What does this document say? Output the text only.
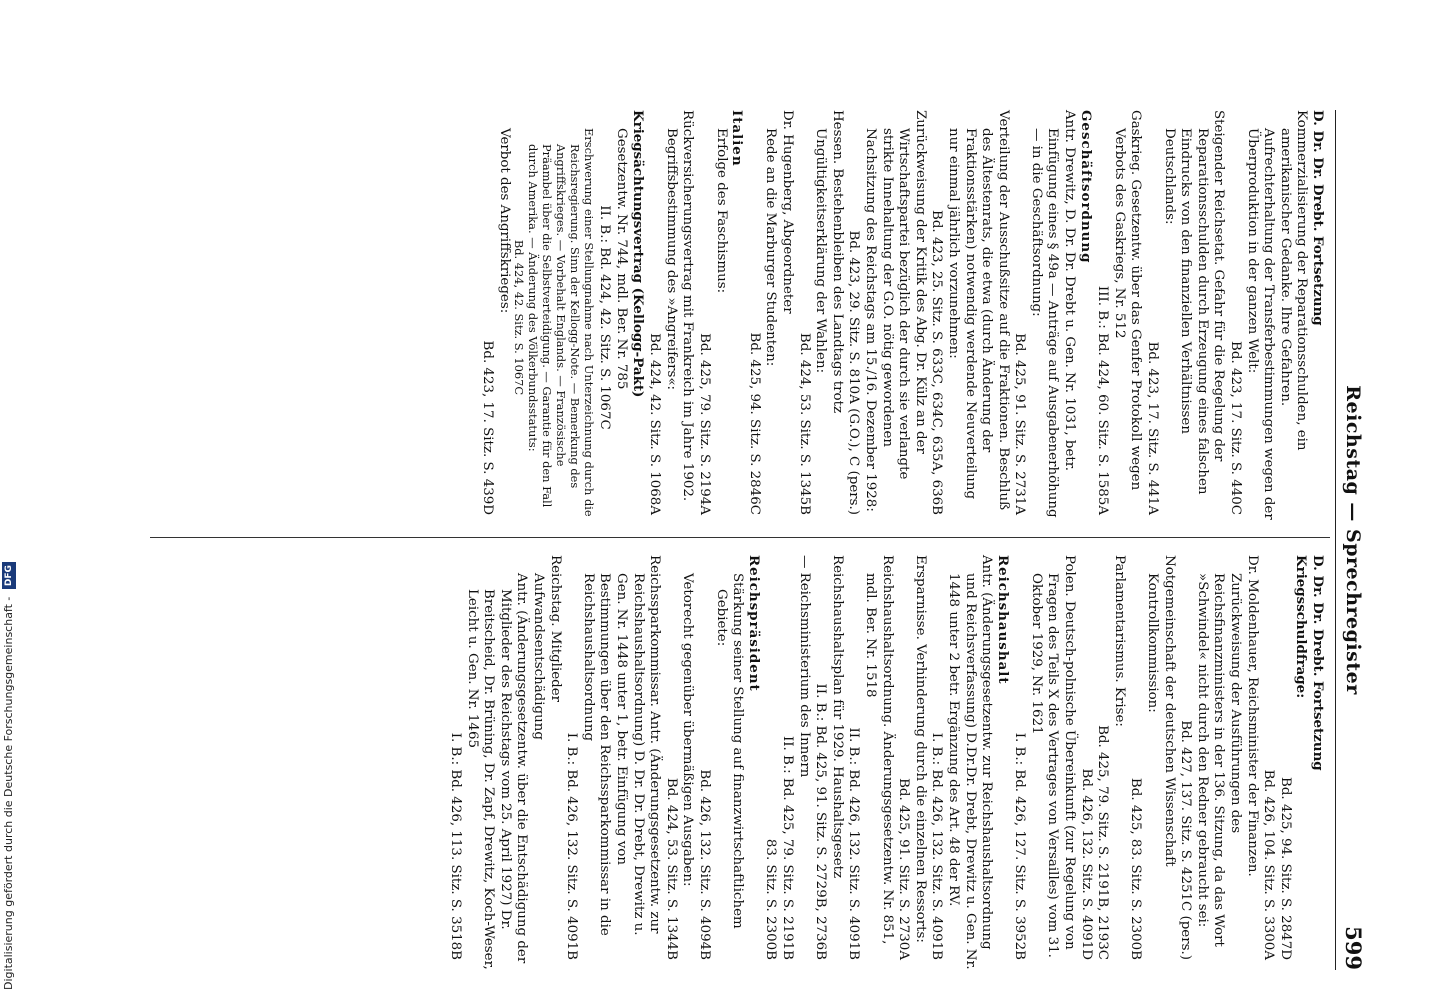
Reichstag — Sprechregister
599
D. Dr. Dr. Drebt. Fortsetzung
Kommerzialisierung der Reparationsschulden, ein amerikanischer Gedanke. Ihre Gefahren. Aufrechterhaltung der Transferbestimmungen wegen der Überproduktion in der ganzen Welt:
Bd. 423, 17. Sitz. S. 440C
Steigender Reichsetat. Gefahr für die Regelung der Reparationsschulden durch Erzeugung eines falschen Eindrucks von den finanziellen Verhältnissen Deutschlands:
Bd. 423, 17. Sitz. S. 441A
Gaskrieg. Gesetzentw. über das Genfer Protokoll wegen Verbots des Gaskriegs, Nr. 512
III. B.: Bd. 424, 60. Sitz. S. 1585A
Geschäftsordnung
Antr. Drewitz, D. Dr. Dr. Drebt u. Gen. Nr. 1031, betr. Einfügung eines § 49a — Anträge auf Ausgabenerhöhung — in die Geschäftsordnung:
Bd. 425, 91. Sitz. S. 2731A
Verteilung der Ausschußsitze auf die Fraktionen. Beschluß des Ältestenrats, die etwa (durch Änderung der Fraktionsstärken) notwendig werdende Neuverteilung nur einmal jährlich vorzunehmen:
Bd. 423, 25. Sitz. S. 633C, 634C, 635A, 636B
Zurückweisung der Kritik des Abg. Dr. Külz an der Wirtschaftspartei bezüglich der durch sie verlangte strikte Innehaltung der G.O. nötig gewordenen Nachsitzung des Reichstags am 15./16. Dezember 1928:
Bd. 423, 29. Sitz. S. 810A (G.O.), C (pers.)
Hessen. Bestehenbleiben des Landtags trotz Ungültigkeitserklärung der Wahlen:
Bd. 424, 53. Sitz. S. 1345B
Dr. Hugenberg, Abgeordneter
Rede an die Marburger Studenten:
Bd. 425, 94. Sitz. S. 2846C
Italien
Erfolge des Faschismus:
Bd. 425, 79. Sitz. S. 2194A
Rückversicherungsvertrag mit Frankreich im Jahre 1902. Begriffsbestimmung des »Angreifers«:
Bd. 424, 42. Sitz. S. 1068A
Kriegsächtungsvertrag (Kellogg-Pakt)
Gesetzentw. Nr. 744, mdl. Ber. Nr. 785
II. B.: Bd. 424, 42. Sitz. S. 1067C
Erschwerung einer Stellungnahme nach Unterzeichnung durch die Reichsregierung. Sinn der Kellogg-Note. — Bemerkung des Angriffskrieges. — Vorbehalt Englands. — Französische Präambel über die Selbstverteidigung. — Garantie für den Fall durch Amerika. — Änderung des Völkerbundsstatuts:
Bd. 424, 42. Sitz. S. 1067C
Verbot des Angriffskrieges:
Bd. 423, 17. Sitz. S. 439D
D. Dr. Dr. Drebt. Fortsetzung
Kriegsschuldfrage:
Bd. 425, 94. Sitz. S. 2847D
Bd. 426, 104. Sitz. S. 3300A
Dr. Moldenhauer, Reichsminister der Finanzen. Zurückweisung der Ausführungen des Reichsfinanzministers in der 136. Sitzung, da das Wort »Schwindel« nicht durch den Redner gebraucht sei:
Bd. 427, 137. Sitz. S. 4251C (pers.)
Notgemeinschaft der deutschen Wissenschaft
Kontrollkommission:
Bd. 425, 83. Sitz. S. 2300B
Parlamentarismus. Krise:
Bd. 425, 79. Sitz. S. 2191B, 2193C
Bd. 426, 132. Sitz. S. 4091D
Polen. Deutsch-polnische Übereinkunft (zur Regelung von Fragen des Teils X des Vertrages von Versailles) vom 31. Oktober 1929, Nr. 1621
I. B.: Bd. 426, 127. Sitz. S. 3952B
Reichshaushalt
Antr. (Änderungsgesetzentw. zur Reichshaushaltsordnung und Reichsverfassung) D.Dr.Dr. Drebt, Drewitz u. Gen. Nr. 1448 unter 2 betr. Ergänzung des Art. 48 der RV.
I. B.: Bd. 426, 132. Sitz. S. 4091B
Ersparnisse. Verhinderung durch die einzelnen Ressorts:
Bd. 425, 91. Sitz. S. 2730A
Reichshaushaltsordnung. Änderungsgesetzentw. Nr. 851, mdl. Ber. Nr. 1518
II. B.: Bd. 426, 132. Sitz. S. 4091B
Reichshaushaltsplan für 1929. Haushaltsgesetz
II. B.: Bd. 425, 91. Sitz. S. 2729B, 2736B
— Reichsministerium des Innern
II. B.: Bd. 425, 79. Sitz. S. 2191B
83. Sitz. S. 2300B
Reichspräsident
Stärkung seiner Stellung auf finanzwirtschaftlichem Gebiete:
Bd. 426, 132. Sitz. S. 4094B
Vetorecht gegenüber übermäßigen Ausgaben:
Bd. 424, 53. Sitz. S. 1344B
Reichssparkommissar. Antr. (Änderungsgesetzentw. zur Reichshaushaltsordnung) D. Dr. Dr. Drebt, Drewitz u. Gen. Nr. 1448 unter 1, betr. Einfügung von Bestimmungen über den Reichssparkommissar in die Reichshaushaltsordnung
I. B.: Bd. 426, 132. Sitz. S. 4091B
Reichstag. Mitglieder
Aufwandsentschädigung
Antr. (Änderungsgesetzentw. über die Entschädigung der Mitglieder des Reichstags vom 25. April 1927) Dr. Breitscheid, Dr. Brüning, Dr. Zapf, Drewitz, Koch-Weser, Leicht u. Gen. Nr. 1465
I. B.: Bd. 426, 113. Sitz. S. 3518B
Digitalisierung gefördert durch die Deutsche Forschungsgemeinschaft - DFG
